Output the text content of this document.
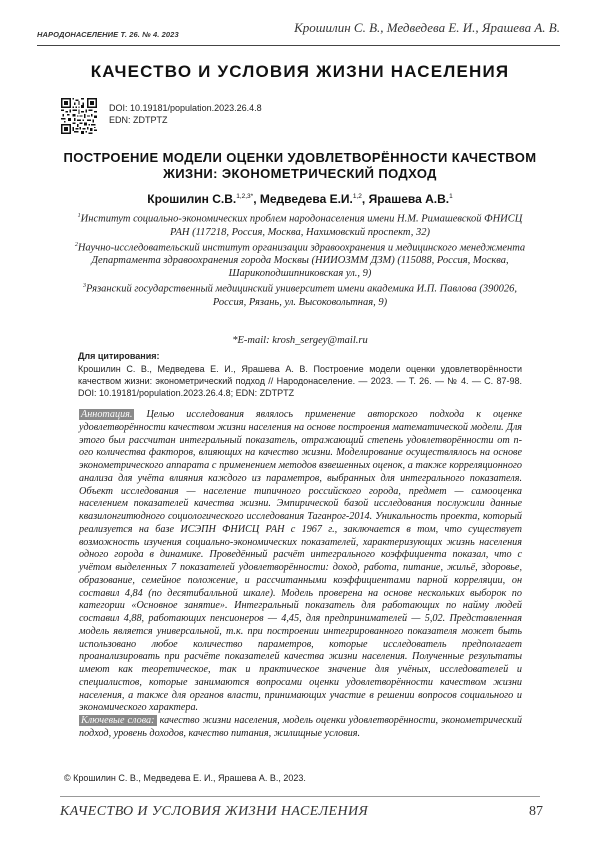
НАРОДОНАСЕЛЕНИЕ Т. 26. № 4. 2023	Крошилин С. В., Медведева Е. И., Ярашева А. В.
КАЧЕСТВО И УСЛОВИЯ ЖИЗНИ НАСЕЛЕНИЯ
DOI: 10.19181/population.2023.26.4.8
EDN: ZDTPTZ
ПОСТРОЕНИЕ МОДЕЛИ ОЦЕНКИ УДОВЛЕТВОРЁННОСТИ КАЧЕСТВОМ ЖИЗНИ: ЭКОНОМЕТРИЧЕСКИЙ ПОДХОД
Крошилин С.В.$^{1,2,3*}$, Медведева Е.И.$^{1,2}$, Ярашева А.В.$^1$

$^1$Институт социально-экономических проблем народонаселения имени Н.М. Римашевской ФНИСЦ РАН (117218, Россия, Москва, Нахимовский проспект, 32)

$^2$Научно-исследовательский институт организации здравоохранения и медицинского менеджмента Департамента здравоохранения города Москвы (НИИОЗММ ДЗМ) (115088, Россия, Москва, Шарикоподшипниковская ул., 9)

$^3$Рязанский государственный медицинский университет имени академика И.П. Павлова (390026, Россия, Рязань, ул. Высоковольтная, 9)

*E-mail: krosh_sergey@mail.ru
Для цитирования:
Крошилин С. В., Медведева Е. И., Ярашева А. В. Построение модели оценки удовлетворённости качеством жизни: эконометрический подход // Народонаселение. — 2023. — Т. 26. — № 4. — С. 87-98. DOI: 10.19181/population.2023.26.4.8; EDN: ZDTPTZ

Аннотация. Целью исследования являлось применение авторского подхода к оценке удовлетворённости качеством жизни населения на основе построения математической модели. Для этого был рассчитан интегральный показатель, отражающий степень удовлетворённости от n-ого количества факторов, влияющих на качество жизни. Моделирование осуществлялось на основе эконометрического аппарата с применением методов взвешенных оценок, а также корреляционного анализа для учёта влияния каждого из параметров, выбранных для интегрального показателя. Объект исследования — население типичного российского города, предмет — самооценка населением показателей качества жизни. Эмпирической базой исследования послужили данные квазилонгитюдного социологического исследования Таганрог-2014. Уникальность проекта, который реализуется на базе ИСЭПН ФНИСЦ РАН с 1967 г., заключается в том, что существует возможность изучения социально-экономических показателей, характеризующих жизнь населения одного города в динамике. Проведённый расчёт интегрального коэффициента показал, что с учётом выделенных 7 показателей удовлетворённости: доход, работа, питание, жильё, здоровье, образование, семейное положение, и рассчитанными коэффициентами парной корреляции, он составил 4,84 (по десятибалльной шкале). Модель проверена на основе нескольких выборок по категории «Основное занятие». Интегральный показатель для работающих по найму людей составил 4,88, работающих пенсионеров — 4,45, для предпринимателей — 5,02. Представленная модель является универсальной, т.к. при построении интегрированного показателя может быть использовано любое количество параметров, которые исследователь предполагает проанализировать при расчёте показателей качества жизни населения. Полученные результаты имеют как теоретическое, так и практическое значение для учёных, исследователей и специалистов, которые занимаются вопросами оценки удовлетворённости качеством жизни населения, а также для органов власти, принимающих участие в решении вопросов социального и экономического характера.

Ключевые слова: качество жизни населения, модель оценки удовлетворённости, эконометрический подход, уровень доходов, качество питания, жилищные условия.

© Крошилин С. В., Медведева Е. И., Ярашева А. В., 2023.
КАЧЕСТВО И УСЛОВИЯ ЖИЗНИ НАСЕЛЕНИЯ	87
